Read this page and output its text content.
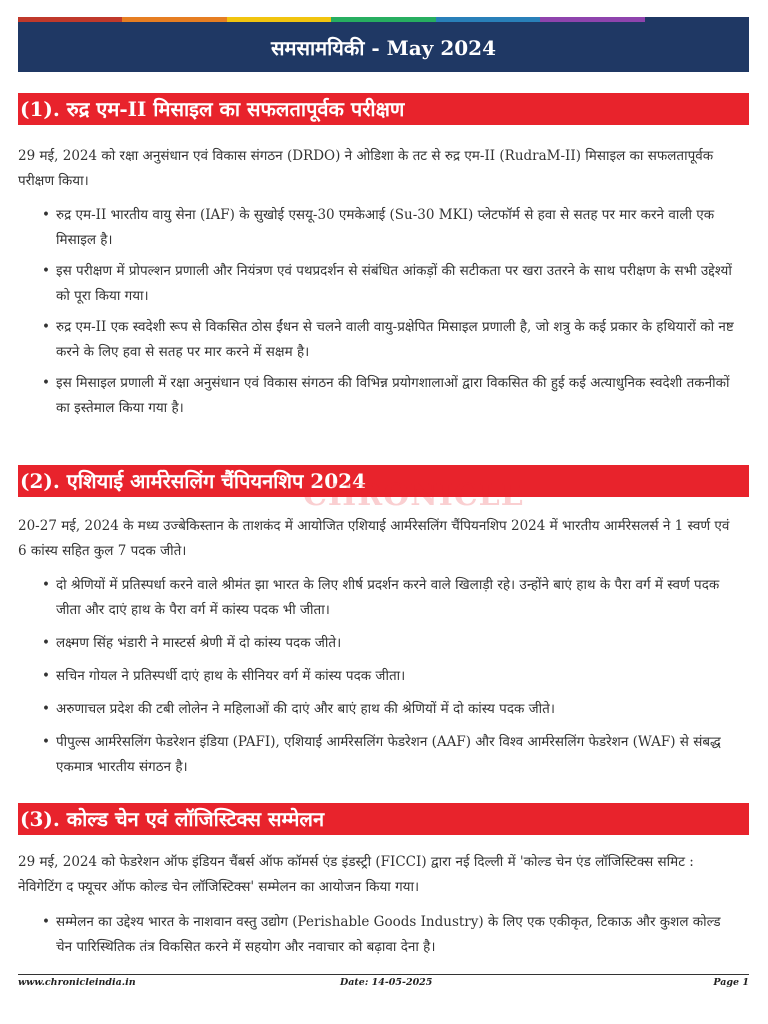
समसामयिकी - May 2024
(1). रुद्र एम-II मिसाइल का सफलतापूर्वक परीक्षण
29 मई, 2024 को रक्षा अनुसंधान एवं विकास संगठन (DRDO) ने ओडिशा के तट से रुद्र एम-II (RudraM-II) मिसाइल का सफलतापूर्वक परीक्षण किया।
• रुद्र एम-II भारतीय वायु सेना (IAF) के सुखोई एसयू-30 एमकेआई (Su-30 MKI) प्लेटफॉर्म से हवा से सतह पर मार करने वाली एक मिसाइल है।
• इस परीक्षण में प्रोपल्शन प्रणाली और नियंत्रण एवं पथप्रदर्शन से संबंधित आंकड़ों की सटीकता पर खरा उतरने के साथ परीक्षण के सभी उद्देश्यों को पूरा किया गया।
• रुद्र एम-II एक स्वदेशी रूप से विकसित ठोस ईंधन से चलने वाली वायु-प्रक्षेपित मिसाइल प्रणाली है, जो शत्रु के कई प्रकार के हथियारों को नष्ट करने के लिए हवा से सतह पर मार करने में सक्षम है।
• इस मिसाइल प्रणाली में रक्षा अनुसंधान एवं विकास संगठन की विभिन्न प्रयोगशालाओं द्वारा विकसित की हुई कई अत्याधुनिक स्वदेशी तकनीकों का इस्तेमाल किया गया है।
(2). एशियाई आर्मरेसलिंग चैंपियनशिप 2024
CHRONICLE
20-27 मई, 2024 के मध्य उज्बेकिस्तान के ताशकंद में आयोजित एशियाई आर्मरेसलिंग चैंपियनशिप 2024 में भारतीय आर्मरेसलर्स ने 1 स्वर्ण एवं 6 कांस्य सहित कुल 7 पदक जीते।
• दो श्रेणियों में प्रतिस्पर्धा करने वाले श्रीमंत झा भारत के लिए शीर्ष प्रदर्शन करने वाले खिलाड़ी रहे। उन्होंने बाएं हाथ के पैरा वर्ग में स्वर्ण पदक जीता और दाएं हाथ के पैरा वर्ग में कांस्य पदक भी जीता।
• लक्ष्मण सिंह भंडारी ने मास्टर्स श्रेणी में दो कांस्य पदक जीते।
• सचिन गोयल ने प्रतिस्पर्धी दाएं हाथ के सीनियर वर्ग में कांस्य पदक जीता।
• अरुणाचल प्रदेश की टबी लोलेन ने महिलाओं की दाएं और बाएं हाथ की श्रेणियों में दो कांस्य पदक जीते।
• पीपुल्स आर्मरेसलिंग फेडरेशन इंडिया (PAFI), एशियाई आर्मरेसलिंग फेडरेशन (AAF) और विश्व आर्मरेसलिंग फेडरेशन (WAF) से संबद्ध एकमात्र भारतीय संगठन है।
(3). कोल्ड चेन एवं लॉजिस्टिक्स सम्मेलन
29 मई, 2024 को फेडरेशन ऑफ इंडियन चैंबर्स ऑफ कॉमर्स एंड इंडस्ट्री (FICCI) द्वारा नई दिल्ली में 'कोल्ड चेन एंड लॉजिस्टिक्स समिट : नेविगेटिंग द फ्यूचर ऑफ कोल्ड चेन लॉजिस्टिक्स' सम्मेलन का आयोजन किया गया।
• सम्मेलन का उद्देश्य भारत के नाशवान वस्तु उद्योग (Perishable Goods Industry) के लिए एक एकीकृत, टिकाऊ और कुशल कोल्ड चेन पारिस्थितिक तंत्र विकसित करने में सहयोग और नवाचार को बढ़ावा देना है।
www.chronicleindia.in	Date: 14-05-2025	Page 1
